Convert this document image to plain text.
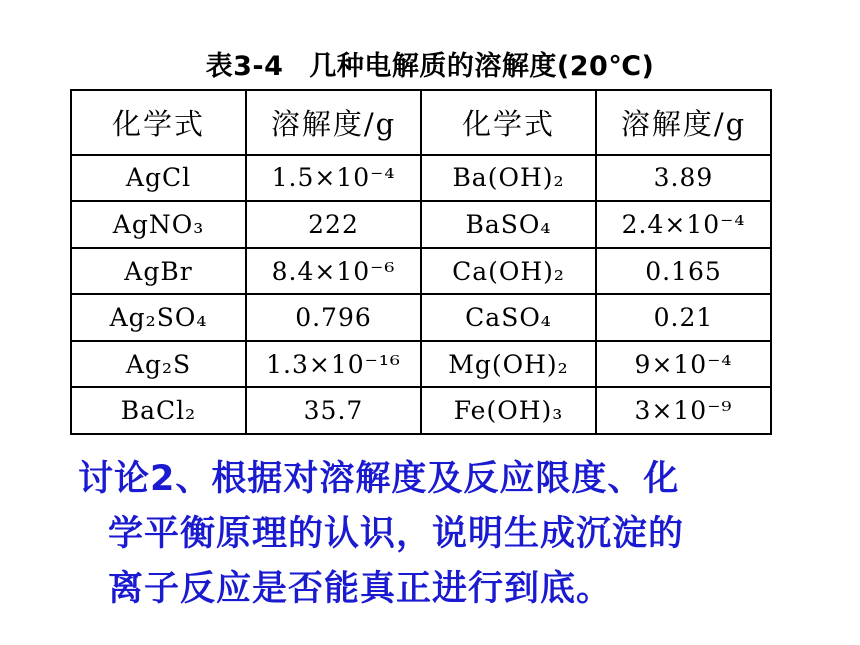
表3-4 几种电解质的溶解度(20℃)
化学式	溶解度/g	化学式	溶解度/g
AgCl	1.5×10⁻⁴	Ba(OH)₂	3.89
AgNO₃	222	BaSO₄	2.4×10⁻⁴
AgBr	8.4×10⁻⁶	Ca(OH)₂	0.165
Ag₂SO₄	0.796	CaSO₄	0.21
Ag₂S	1.3×10⁻¹⁶	Mg(OH)₂	9×10⁻⁴
BaCl₂	35.7	Fe(OH)₃	3×10⁻⁹
讨论2、根据对溶解度及反应限度、化
学平衡原理的认识，说明生成沉淀的
离子反应是否能真正进行到底。
